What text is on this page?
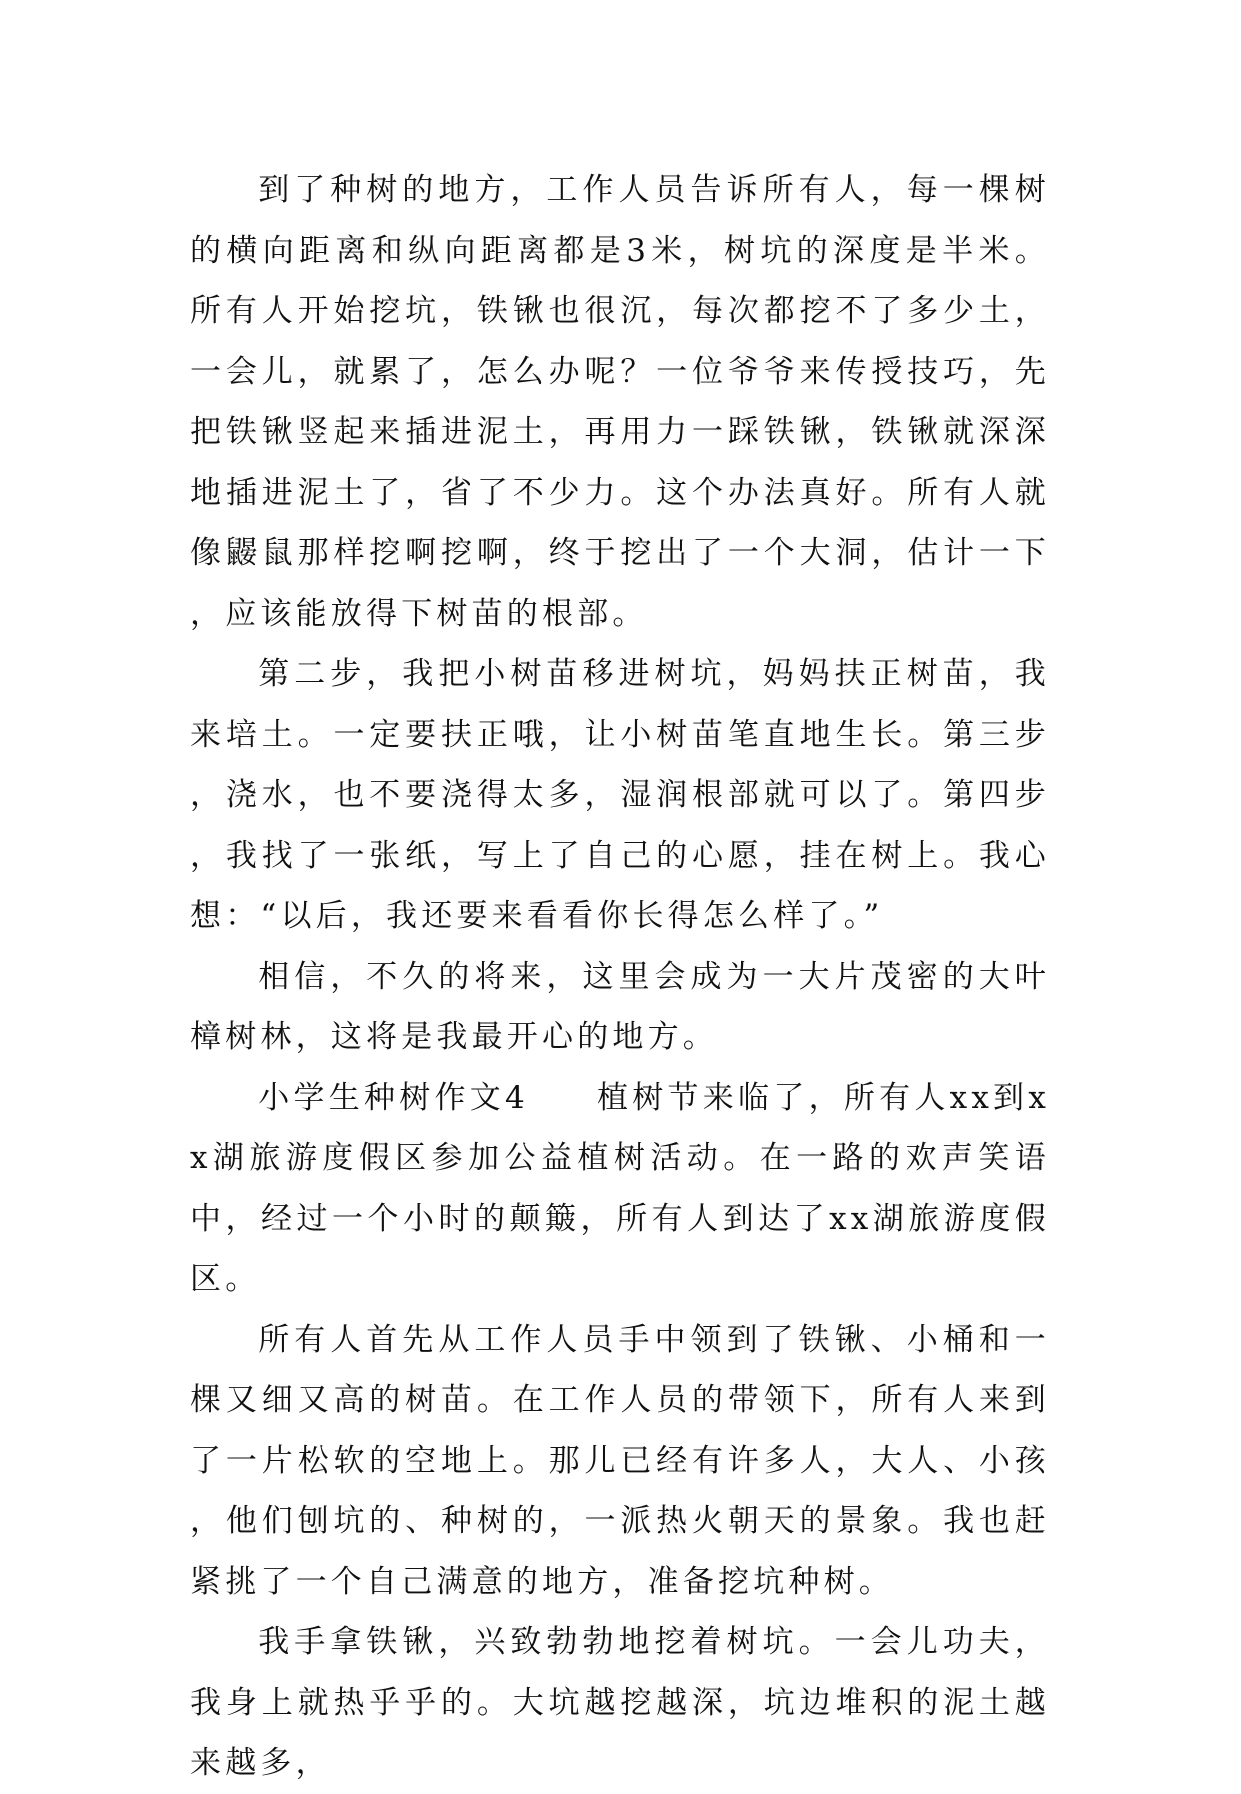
到了种树的地方，工作人员告诉所有人，每一棵树的横向距离和纵向距离都是3米，树坑的深度是半米。所有人开始挖坑，铁锹也很沉，每次都挖不了多少土，一会儿，就累了，怎么办呢？一位爷爷来传授技巧，先把铁锹竖起来插进泥土，再用力一踩铁锹，铁锹就深深地插进泥土了，省了不少力。这个办法真好。所有人就像鼹鼠那样挖啊挖啊，终于挖出了一个大洞，估计一下，应该能放得下树苗的根部。

第二步，我把小树苗移进树坑，妈妈扶正树苗，我来培土。一定要扶正哦，让小树苗笔直地生长。第三步，浇水，也不要浇得太多，湿润根部就可以了。第四步，我找了一张纸，写上了自己的心愿，挂在树上。我心想：“以后，我还要来看看你长得怎么样了。”

相信，不久的将来，这里会成为一大片茂密的大叶樟树林，这将是我最开心的地方。

小学生种树作文4 植树节来临了，所有人xx到xx湖旅游度假区参加公益植树活动。在一路的欢声笑语中，经过一个小时的颠簸，所有人到达了xx湖旅游度假区。

所有人首先从工作人员手中领到了铁锹、小桶和一棵又细又高的树苗。在工作人员的带领下，所有人来到了一片松软的空地上。那儿已经有许多人，大人、小孩，他们刨坑的、种树的，一派热火朝天的景象。我也赶紧挑了一个自己满意的地方，准备挖坑种树。

我手拿铁锹，兴致勃勃地挖着树坑。一会儿功夫，我身上就热乎乎的。大坑越挖越深，坑边堆积的泥土越来越多，
